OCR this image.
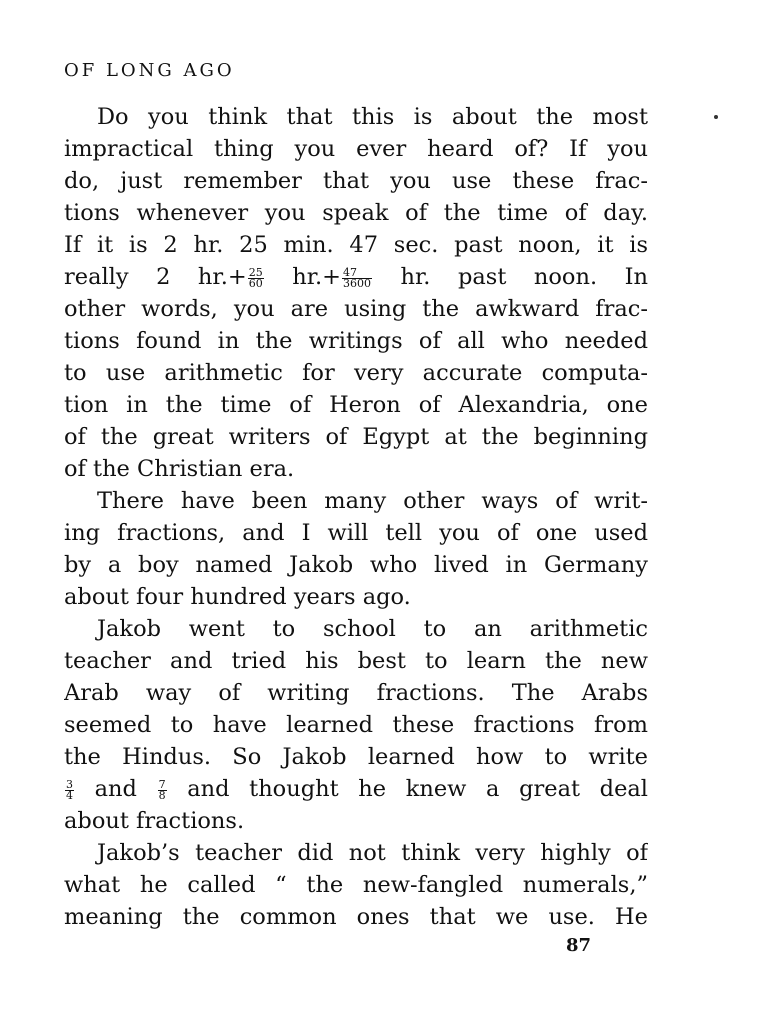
OF LONG AGO
Do you think that this is about the most
impractical thing you ever heard of? If you
do, just remember that you use these frac-
tions whenever you speak of the time of day.
If it is 2 hr. 25 min. 47 sec. past noon, it is
really 2 $hr.+ \frac{25}{60} hr.+ \frac{47}{3600}$ hr. past noon. In
other words, you are using the awkward frac-
tions found in the writings of all who needed
to use arithmetic for very accurate computa-
tion in the time of Heron of Alexandria, one
of the great writers of Egypt at the beginning
of the Christian era.
There have been many other ways of writ-
ing fractions, and I will tell you of one used
by a boy named Jakob who lived in Germany
about four hundred years ago.
Jakob went to school to an arithmetic
teacher and tried his best to learn the new
Arab way of writing fractions. The Arabs
seemed to have learned these fractions from
the Hindus. So Jakob learned how to write
$\frac{3}{4}$ and $\frac{7}{8}$ and thought he knew a great deal
about fractions.
Jakob’s teacher did not think very highly of
what he called “ the new-fangled numerals,”
meaning the common ones that we use. He
87
